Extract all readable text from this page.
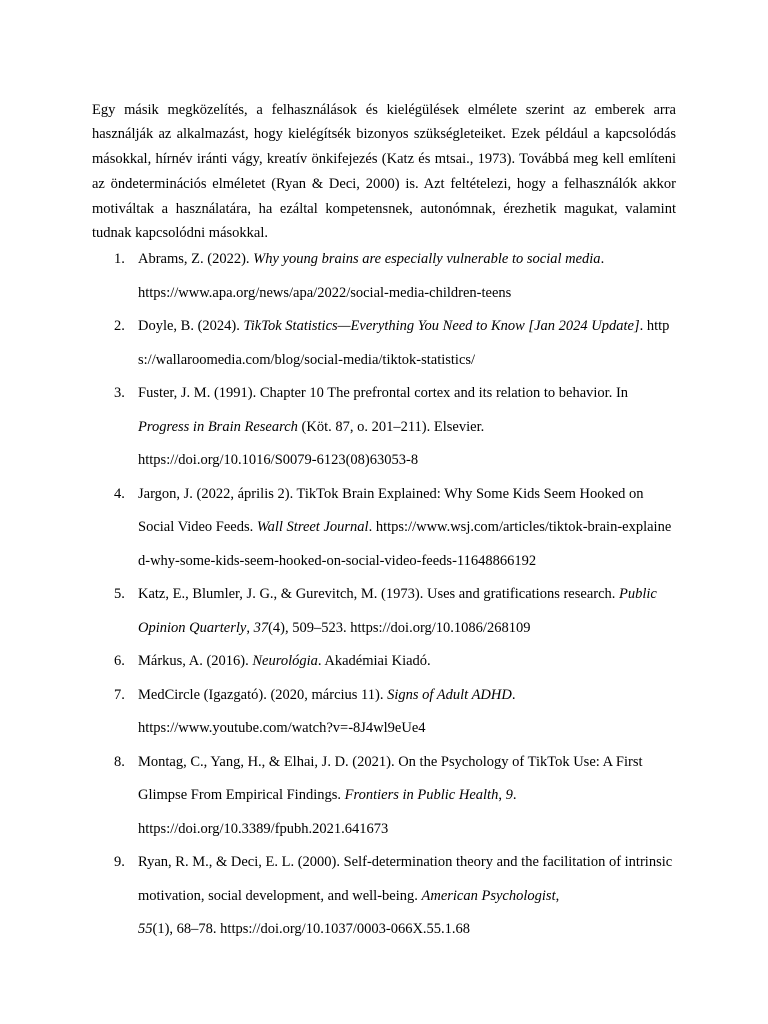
Egy másik megközelítés, a felhasználások és kielégülések elmélete szerint az emberek arra használják az alkalmazást, hogy kielégítsék bizonyos szükségleteiket. Ezek például a kapcsolódás másokkal, hírnév iránti vágy, kreatív önkifejezés (Katz és mtsai., 1973). Továbbá meg kell említeni az öndeterminációs elméletet (Ryan & Deci, 2000) is. Azt feltételezi, hogy a felhasználók akkor motiváltak a használatára, ha ezáltal kompetensnek, autonómnak, érezhetik magukat, valamint tudnak kapcsolódni másokkal.

1. Abrams, Z. (2022). Why young brains are especially vulnerable to social media.
https://www.apa.org/news/apa/2022/social-media-children-teens
2. Doyle, B. (2024). TikTok Statistics—Everything You Need to Know [Jan 2024 Update]. https://wallaroomedia.com/blog/social-media/tiktok-statistics/
3. Fuster, J. M. (1991). Chapter 10 The prefrontal cortex and its relation to behavior. In Progress in Brain Research (Köt. 87, o. 201–211). Elsevier.
https://doi.org/10.1016/S0079-6123(08)63053-8
4. Jargon, J. (2022, április 2). TikTok Brain Explained: Why Some Kids Seem Hooked on Social Video Feeds. Wall Street Journal. https://www.wsj.com/articles/tiktok-brain-explained-why-some-kids-seem-hooked-on-social-video-feeds-11648866192
5. Katz, E., Blumler, J. G., & Gurevitch, M. (1973). Uses and gratifications research. Public Opinion Quarterly, 37(4), 509–523. https://doi.org/10.1086/268109
6. Márkus, A. (2016). Neurológia. Akadémiai Kiadó.
7. MedCircle (Igazgató). (2020, március 11). Signs of Adult ADHD.
https://www.youtube.com/watch?v=-8J4wl9eUe4
8. Montag, C., Yang, H., & Elhai, J. D. (2021). On the Psychology of TikTok Use: A First Glimpse From Empirical Findings. Frontiers in Public Health, 9.
https://doi.org/10.3389/fpubh.2021.641673
9. Ryan, R. M., & Deci, E. L. (2000). Self-determination theory and the facilitation of intrinsic motivation, social development, and well-being. American Psychologist,
55(1), 68–78. https://doi.org/10.1037/0003-066X.55.1.68
